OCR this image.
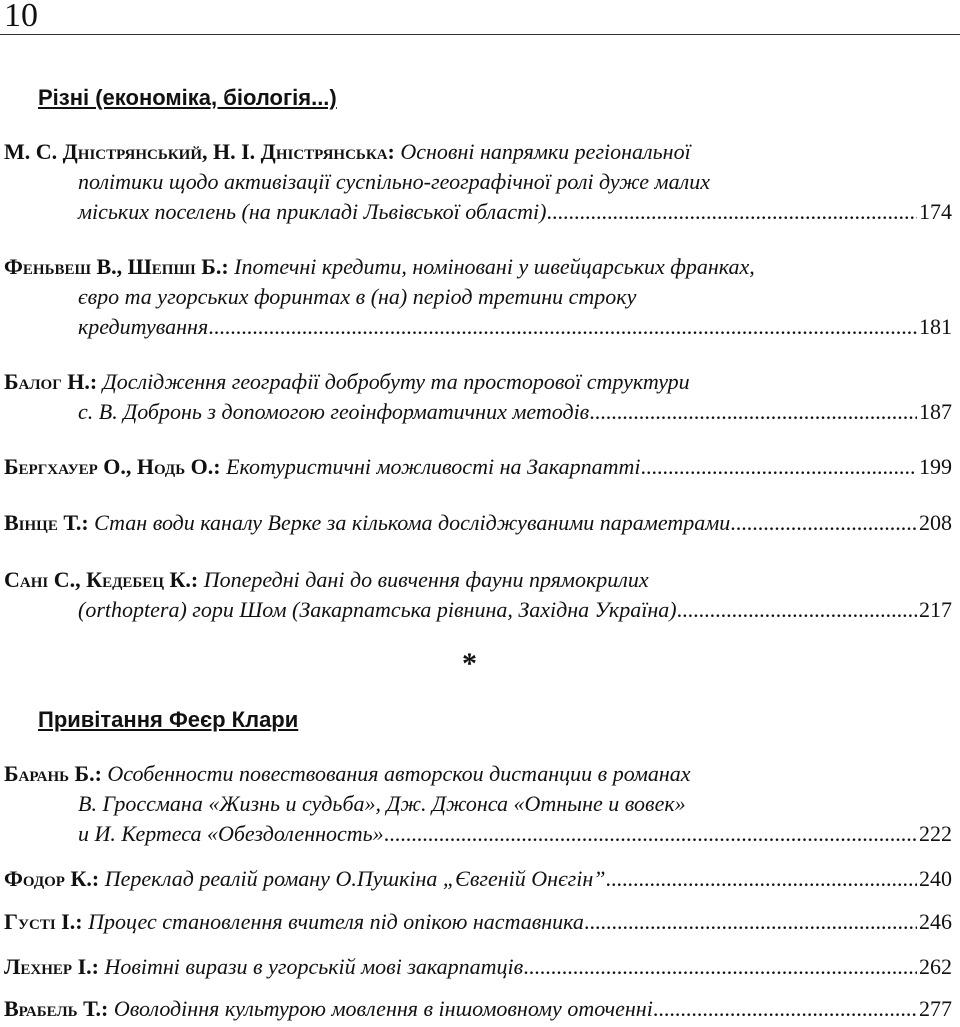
10
Різні (економіка, біологія...)
М. С. Дністрянський, Н. І. Дністрянська: Основні напрямки регіональної
політики щодо активізації суспільно-географічної ролі дуже малих
міських поселень (на прикладі Львівської області) .....	174
Феньвеш В., Шепші Б.: Іпотечні кредити, номіновані у швейцарських франках,
євро та угорських форинтах в (на) період третини строку
кредитування .....	181
Балог Н.: Дослідження географії добробуту та просторової структури
с. В. Добронь з допомогою геоінформатичних методів .....	187
Бергхауер О., Нодь О.: Екотуристичні можливості на Закарпатті .....	199
Вінце Т.: Стан води каналу Верке за кількома досліджуваними параметрами .....	208
Сані С., Кедебец К.: Попередні дані до вивчення фауни прямокрилих
(orthoptera) гори Шом (Закарпатська рівнина, Західна Україна) .....	217
*
Привітання Феєр Клари
Барань Б.: Особенности повествования авторскои дистанции в романах
В. Гроссмана «Жизнь и судьба», Дж. Джонса «Отныне и вовек»
и И. Кертеса «Обездоленность» .....	222
Фодор К.: Переклад реалій роману О.Пушкіна „Євгеній Онєгін” .....	240
Густі І.: Процес становлення вчителя під опікою наставника .....	246
Лехнер І.: Новітні вирази в угорській мові закарпатців .....	262
Врабель Т.: Оволодіння культурою мовлення в іншомовному оточенні .....	277
